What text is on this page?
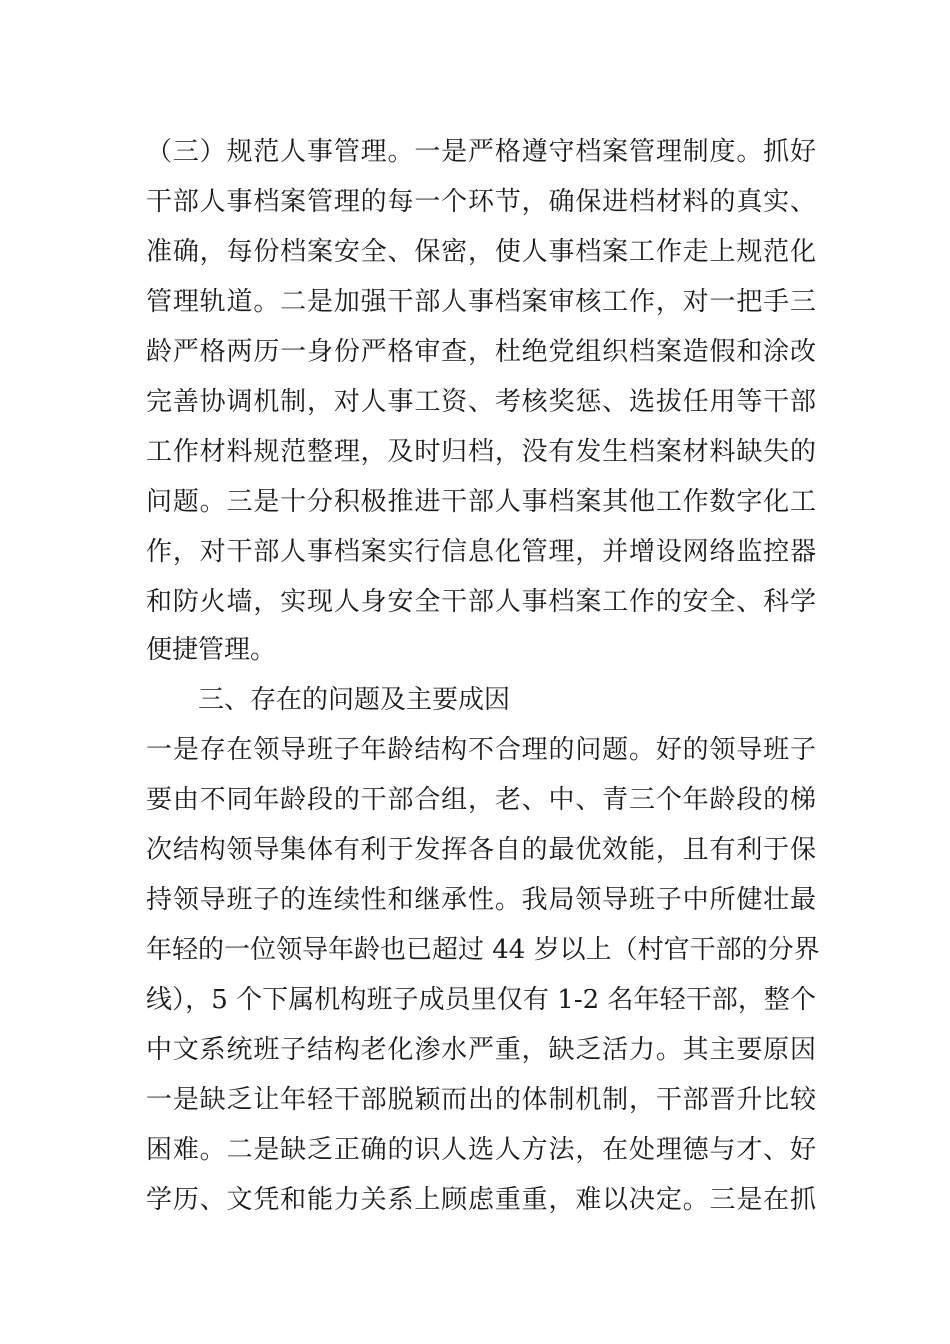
（三）规范人事管理。一是严格遵守档案管理制度。抓好
干部人事档案管理的每一个环节，确保进档材料的真实、
准确，每份档案安全、保密，使人事档案工作走上规范化
管理轨道。二是加强干部人事档案审核工作，对一把手三
龄严格两历一身份严格审查，杜绝党组织档案造假和涂改
完善协调机制，对人事工资、考核奖惩、选拔任用等干部
工作材料规范整理，及时归档，没有发生档案材料缺失的
问题。三是十分积极推进干部人事档案其他工作数字化工
作，对干部人事档案实行信息化管理，并增设网络监控器
和防火墙，实现人身安全干部人事档案工作的安全、科学
便捷管理。
三、存在的问题及主要成因
一是存在领导班子年龄结构不合理的问题。好的领导班子
要由不同年龄段的干部合组，老、中、青三个年龄段的梯
次结构领导集体有利于发挥各自的最优效能，且有利于保
持领导班子的连续性和继承性。我局领导班子中所健壮最
年轻的一位领导年龄也已超过 44 岁以上（村官干部的分界
线），5 个下属机构班子成员里仅有 1-2 名年轻干部，整个
中文系统班子结构老化渗水严重，缺乏活力。其主要原因
一是缺乏让年轻干部脱颖而出的体制机制，干部晋升比较
困难。二是缺乏正确的识人选人方法，在处理德与才、好
学历、文凭和能力关系上顾虑重重，难以决定。三是在抓
